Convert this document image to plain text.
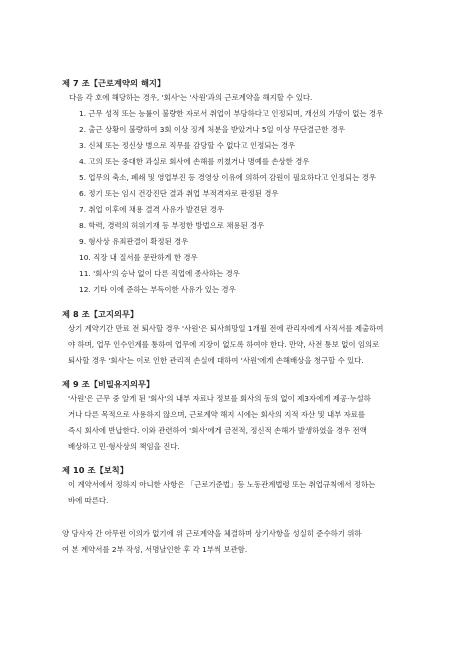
제 7 조【근로계약의 해지】
다음 각 호에 해당하는 경우, '회사'는 '사원'과의 근로계약을 해지할 수 있다.
1. 근무 성적 또는 능률이 불량한 자로서 취업이 부당하다고 인정되며, 개선의 가망이 없는 경우
2. 출근 상황이 불량하여 3회 이상 징계 처분을 받았거나 5일 이상 무단결근한 경우
3. 신체 또는 정신상 병으로 직무를 감당할 수 없다고 인정되는 경우
4. 고의 또는 중대한 과실로 회사에 손해를 끼쳤거나 명예를 손상한 경우
5. 업무의 축소, 폐쇄 및 영업부진 등 경영상 이유에 의하여 감원이 필요하다고 인정되는 경우
6. 정기 또는 임시 건강진단 결과 취업 부적격자로 판정된 경우
7. 취업 이후에 채용 결격 사유가 발견된 경우
8. 학력, 경력의 허위기재 등 부정한 방법으로 채용된 경우
9. 형사상 유죄판결이 확정된 경우
10. 직장 내 질서를 문란하게 한 경우
11. '회사'의 승낙 없이 다른 직업에 종사하는 경우
12. 기타 이에 준하는 부득이한 사유가 있는 경우
제 8 조【고지의무】
상기 계약기간 만료 전 퇴사할 경우 '사원'은 퇴사희망일 1개월 전에 관리자에게 사직서를 제출하여
야 하며, 업무 인수인계를 통하여 업무에 지장이 없도록 하여야 한다. 만약, 사전 통보 없이 임의로
퇴사할 경우 '회사'는 이로 인한 관리적 손실에 대하여 '사원'에게 손해배상을 청구할 수 있다.
제 9 조【비밀유지의무】
'사원'은 근무 중 알게 된 '회사'의 내부 자료나 정보를 회사의 동의 없이 제3자에게 제공·누설하
거나 다른 목적으로 사용하지 않으며, 근로계약 해지 시에는 회사의 지적 자산 및 내부 자료를
즉시 회사에 반납한다. 이와 관련하여 '회사'에게 금전적, 정신적 손해가 발생하였을 경우 전액
배상하고 민·형사상의 책임을 진다.
제 10 조【보칙】
이 계약서에서 정하지 아니한 사항은 「근로기준법」등 노동관계법령 또는 취업규칙에서 정하는
바에 따른다.
양 당사자 간 아무런 이의가 없기에 위 근로계약을 체결하며 상기사항을 성실히 준수하기 위하
여 본 계약서를 2부 작성, 서명날인한 후 각 1부씩 보관함.
